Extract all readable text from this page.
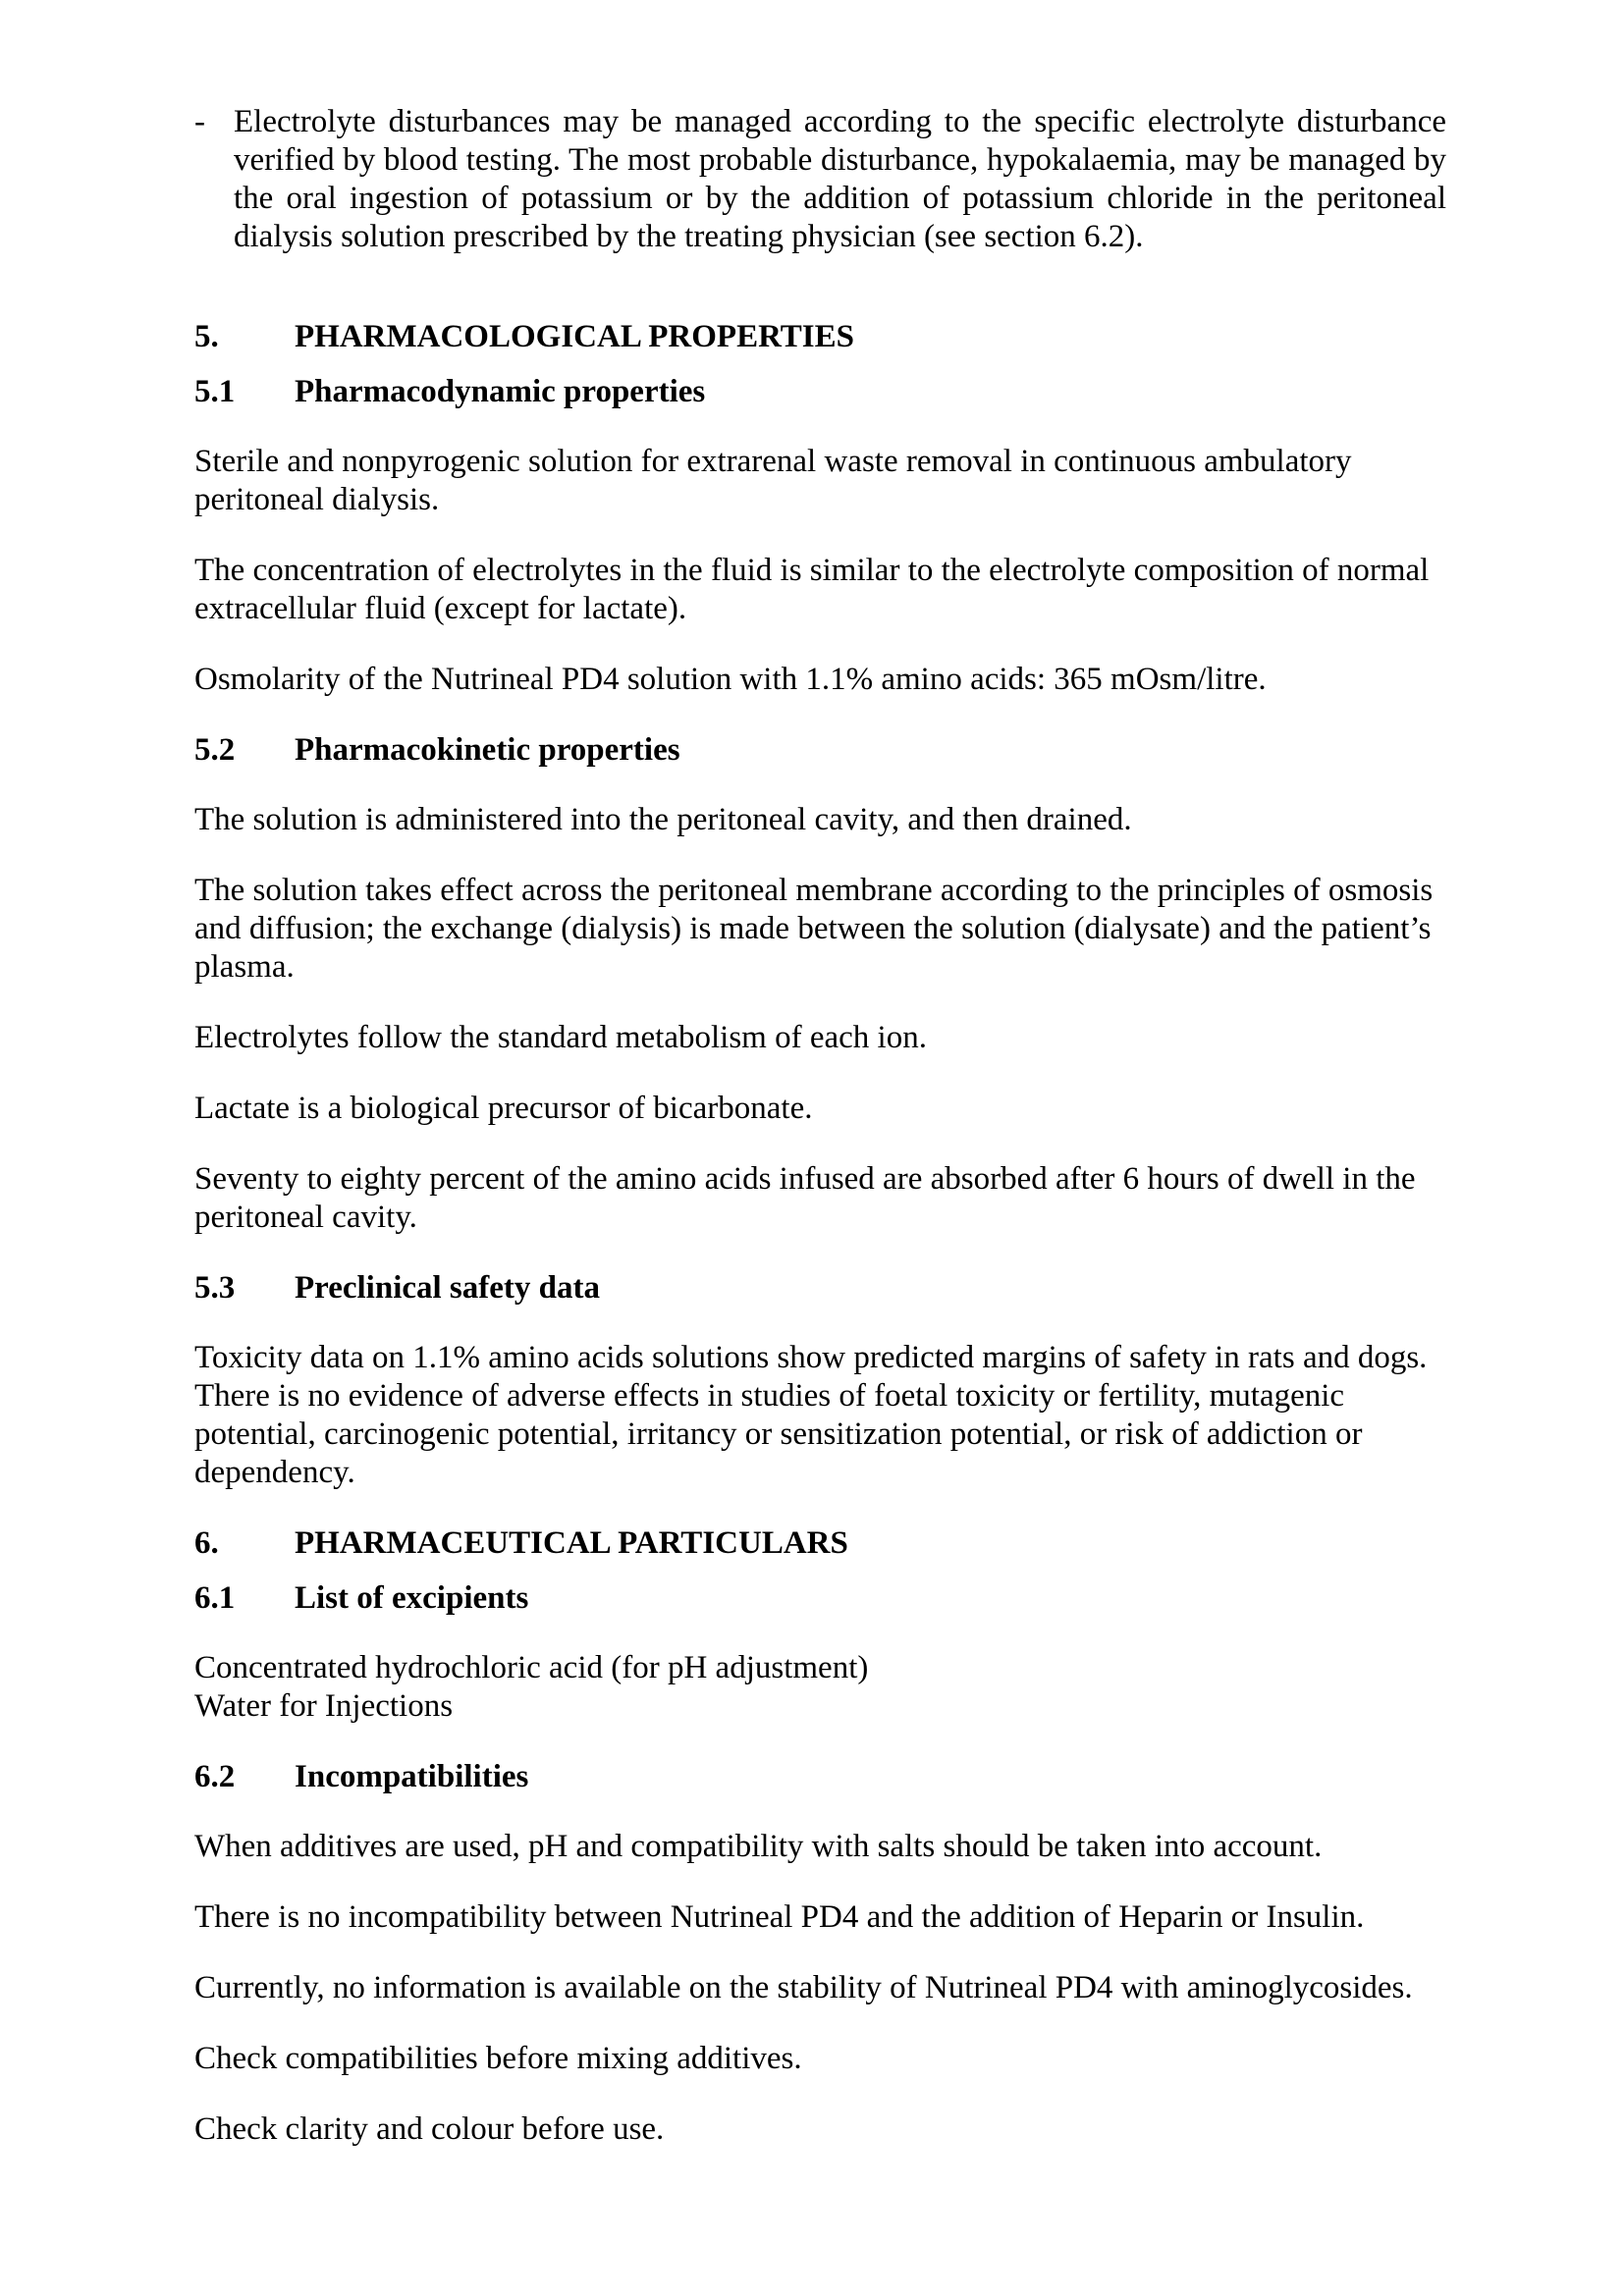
- Electrolyte disturbances may be managed according to the specific electrolyte disturbance verified by blood testing. The most probable disturbance, hypokalaemia, may be managed by the oral ingestion of potassium or by the addition of potassium chloride in the peritoneal dialysis solution prescribed by the treating physician (see section 6.2).
5.	PHARMACOLOGICAL PROPERTIES
5.1	Pharmacodynamic properties

Sterile and nonpyrogenic solution for extrarenal waste removal in continuous ambulatory peritoneal dialysis.

The concentration of electrolytes in the fluid is similar to the electrolyte composition of normal extracellular fluid (except for lactate).

Osmolarity of the Nutrineal PD4 solution with 1.1% amino acids: 365 mOsm/litre.

5.2	Pharmacokinetic properties

The solution is administered into the peritoneal cavity, and then drained.

The solution takes effect across the peritoneal membrane according to the principles of osmosis and diffusion; the exchange (dialysis) is made between the solution (dialysate) and the patient’s plasma.

Electrolytes follow the standard metabolism of each ion.

Lactate is a biological precursor of bicarbonate.

Seventy to eighty percent of the amino acids infused are absorbed after 6 hours of dwell in the peritoneal cavity.

5.3	Preclinical safety data

Toxicity data on 1.1% amino acids solutions show predicted margins of safety in rats and dogs. There is no evidence of adverse effects in studies of foetal toxicity or fertility, mutagenic potential, carcinogenic potential, irritancy or sensitization potential, or risk of addiction or dependency.

6.	PHARMACEUTICAL PARTICULARS
6.1	List of excipients

Concentrated hydrochloric acid (for pH adjustment)
Water for Injections

6.2	Incompatibilities

When additives are used, pH and compatibility with salts should be taken into account.

There is no incompatibility between Nutrineal PD4 and the addition of Heparin or Insulin.

Currently, no information is available on the stability of Nutrineal PD4 with aminoglycosides.

Check compatibilities before mixing additives.

Check clarity and colour before use.
